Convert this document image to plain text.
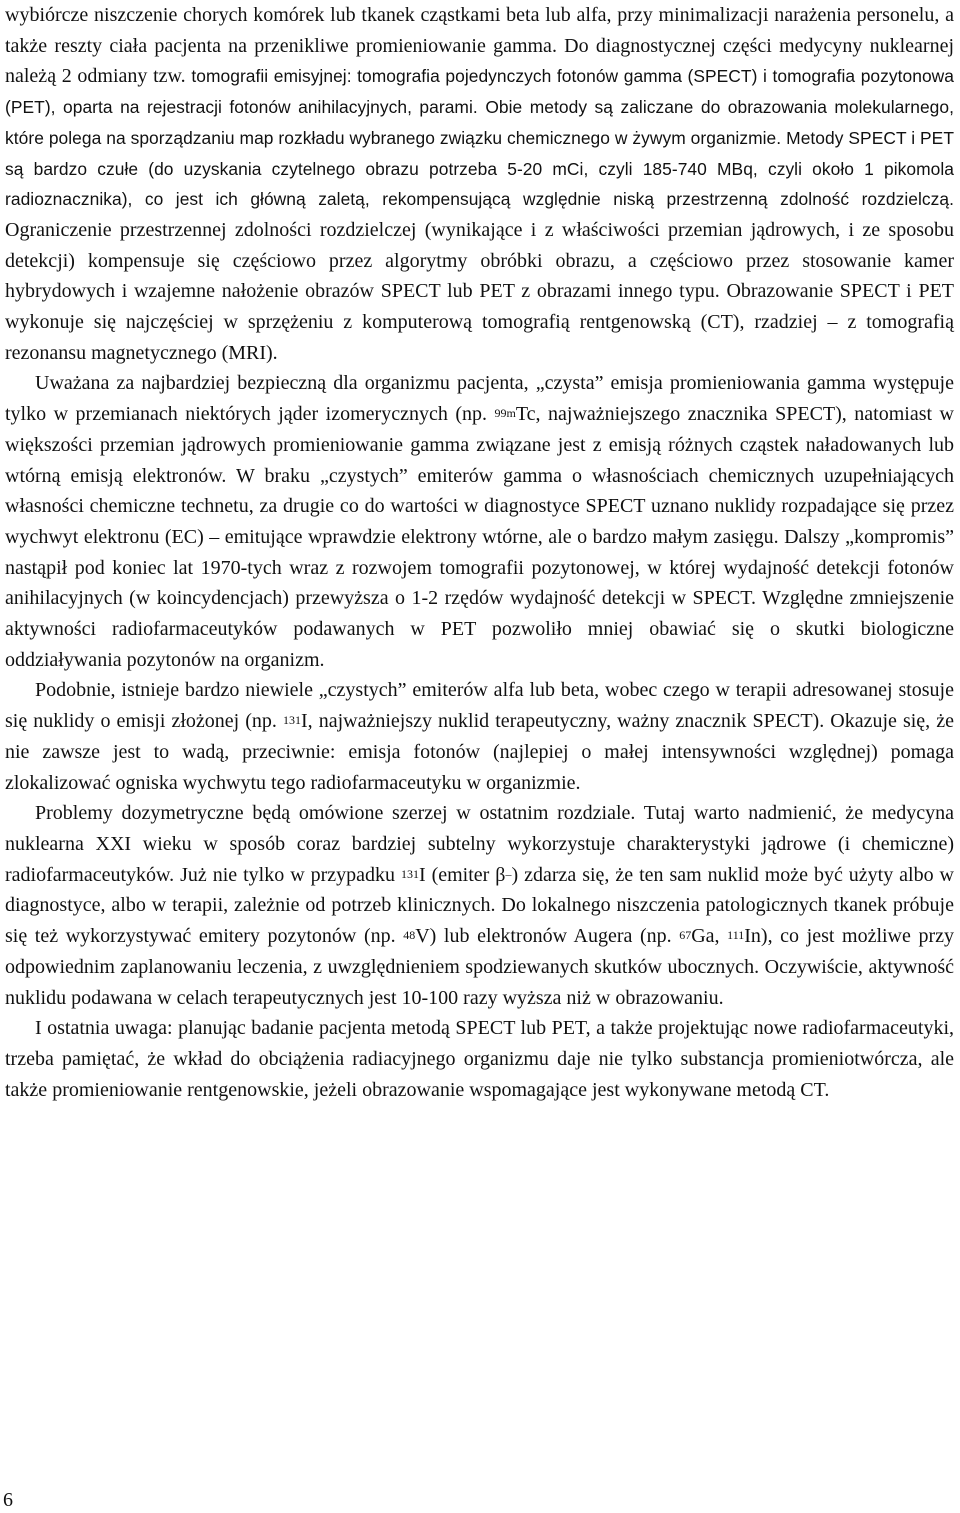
wybiórcze niszczenie chorych komórek lub tkanek cząstkami beta lub alfa, przy minimalizacji narażenia personelu, a także reszty ciała pacjenta na przenikliwe promieniowanie gamma. Do diagnostycznej części medycyny nuklearnej należą 2 odmiany tzw. tomografii emisyjnej: tomografia pojedynczych fotonów gamma (SPECT) i tomografia pozytonowa (PET), oparta na rejestracji fotonów anihilacyjnych, parami. Obie metody są zaliczane do obrazowania molekularnego, które polega na sporządzaniu map rozkładu wybranego związku chemicznego w żywym organizmie. Metody SPECT i PET są bardzo czułe (do uzyskania czytelnego obrazu potrzeba 5-20 mCi, czyli 185-740 MBq, czyli około 1 pikomola radioznacznika), co jest ich główną zaletą, rekompensującą względnie niską przestrzenną zdolność rozdzielczą. Ograniczenie przestrzennej zdolności rozdzielczej (wynikające i z właściwości przemian jądrowych, i ze sposobu detekcji) kompensuje się częściowo przez algorytmy obróbki obrazu, a częściowo przez stosowanie kamer hybrydowych i wzajemne nałożenie obrazów SPECT lub PET z obrazami innego typu. Obrazowanie SPECT i PET wykonuje się najczęściej w sprzężeniu z komputerową tomografią rentgenowską (CT), rzadziej – z tomografią rezonansu magnetycznego (MRI).

Uważana za najbardziej bezpieczną dla organizmu pacjenta, „czysta” emisja promieniowania gamma występuje tylko w przemianach niektórych jąder izomerycznych (np. $^{99m}$Tc, najważniejszego znacznika SPECT), natomiast w większości przemian jądrowych promieniowanie gamma związane jest z emisją różnych cząstek naładowanych lub wtórną emisją elektronów. W braku „czystych” emiterów gamma o własnościach chemicznych uzupełniających własności chemiczne technetu, za drugie co do wartości w diagnostyce SPECT uznano nuklidy rozpadające się przez wychwyt elektronu (EC) – emitujące wprawdzie elektrony wtórne, ale o bardzo małym zasięgu. Dalszy „kompromis” nastąpił pod koniec lat 1970-tych wraz z rozwojem tomografii pozytonowej, w której wydajność detekcji fotonów anihilacyjnych (w koincydencjach) przewyższa o 1-2 rzędów wydajność detekcji w SPECT. Względne zmniejszenie aktywności radiofarmaceutyków podawanych w PET pozwoliło mniej obawiać się o skutki biologiczne oddziaływania pozytonów na organizm.

Podobnie, istnieje bardzo niewiele „czystych” emiterów alfa lub beta, wobec czego w terapii adresowanej stosuje się nuklidy o emisji złożonej (np. $^{131}$I, najważniejszy nuklid terapeutyczny, ważny znacznik SPECT). Okazuje się, że nie zawsze jest to wadą, przeciwnie: emisja fotonów (najlepiej o małej intensywności względnej) pomaga zlokalizować ogniska wychwytu tego radiofarmaceutyku w organizmie.

Problemy dozymetryczne będą omówione szerzej w ostatnim rozdziale. Tutaj warto nadmienić, że medycyna nuklearna XXI wieku w sposób coraz bardziej subtelny wykorzystuje charakterystyki jądrowe (i chemiczne) radiofarmaceutyków. Już nie tylko w przypadku $^{131}$I (emiter β–) zdarza się, że ten sam nuklid może być użyty albo w diagnostyce, albo w terapii, zależnie od potrzeb klinicznych. Do lokalnego niszczenia patologicznych tkanek próbuje się też wykorzystywać emitery pozytonów (np. $^{48}$V) lub elektronów Augera (np. $^{67}$Ga, $^{111}$In), co jest możliwe przy odpowiednim zaplanowaniu leczenia, z uwzględnieniem spodziewanych skutków ubocznych. Oczywiście, aktywność nuklidu podawana w celach terapeutycznych jest 10-100 razy wyższa niż w obrazowaniu.

I ostatnia uwaga: planując badanie pacjenta metodą SPECT lub PET, a także projektując nowe radiofarmaceutyki, trzeba pamiętać, że wkład do obciążenia radiacyjnego organizmu daje nie tylko substancja promieniotwórcza, ale także promieniowanie rentgenowskie, jeżeli obrazowanie wspomagające jest wykonywane metodą CT.

6
